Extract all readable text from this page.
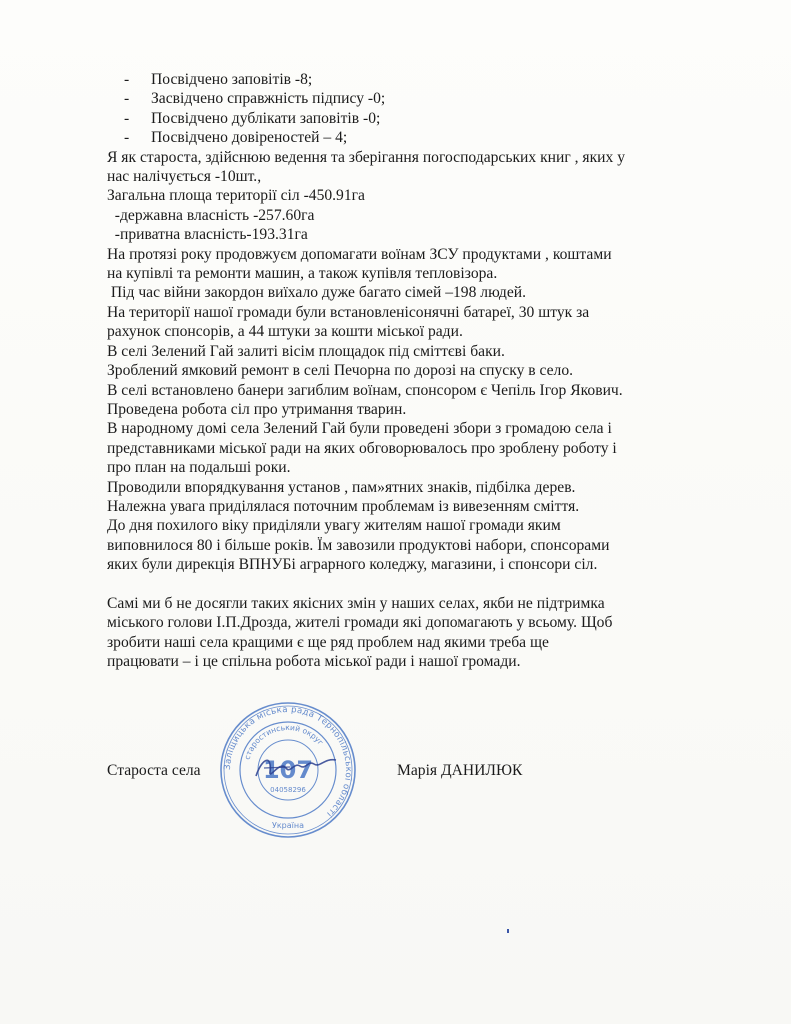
- Посвідчено заповітів -8;
- Засвідчено справжність підпису -0;
- Посвідчено дублікати заповітів -0;
- Посвідчено довіреностей – 4;
Я як староста, здійснюю ведення та зберігання погосподарських книг , яких у
нас налічується -10шт.,
Загальна площа території сіл -450.91га
-державна власність -257.60га
-приватна власність-193.31га
На протязі року продовжуєм допомагати воїнам ЗСУ продуктами , коштами
на купівлі та ремонти машин, а також купівля тепловізора.
Під час війни закордон виїхало дуже багато сімей –198 людей.
На території нашої громади були встановленісонячні батареї, 30 штук за
рахунок спонсорів, а 44 штуки за кошти міської ради.
В селі Зелений Гай залиті вісім площадок під сміттєві баки.
Зроблений ямковий ремонт в селі Печорна по дорозі на спуску в село.
В селі встановлено банери загиблим воїнам, спонсором є Чепіль Ігор Якович.
Проведена робота сіл про утримання тварин.
В народному домі села Зелений Гай були проведені збори з громадою села і
представниками міської ради на яких обговорювалось про зроблену роботу і
про план на подальші роки.
Проводили впорядкування установ , пам»ятних знаків, підбілка дерев.
Належна увага приділялася поточним проблемам із вивезенням сміття.
До дня похилого віку приділяли увагу жителям нашої громади яким
виповнилося 80 і більше років. Їм завозили продуктові набори, спонсорами
яких були дирекція ВПНУБі аграрного коледжу, магазини, і спонсори сіл.
Самі ми б не досягли таких якісних змін у наших селах, якби не підтримка
міського голови І.П.Дрозда, жителі громади які допомагають у всьому. Щоб
зробити наші села кращими є ще ряд проблем над якими треба ще
працювати – і це спільна робота міської ради і нашої громади.
Староста села	Марія ДАНИЛЮК
Заліщицька міська рада Тернопільської області
старостинський округ
107
04058296
Україна
